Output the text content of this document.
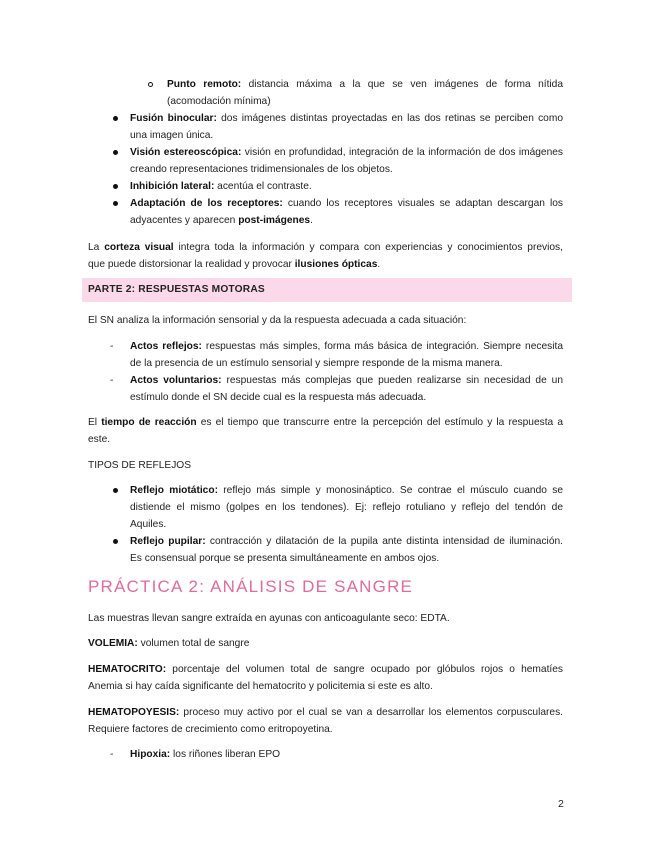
Punto remoto: distancia máxima a la que se ven imágenes de forma nítida

(acomodación mínima)

Fusión binocular: dos imágenes distintas proyectadas en las dos retinas se perciben como

una imagen única.

Visión estereoscópica: visión en profundidad, integración de la información de dos imágenes

creando representaciones tridimensionales de los objetos.

Inhibición lateral: acentúa el contraste.

Adaptación de los receptores: cuando los receptores visuales se adaptan descargan los

adyacentes y aparecen post-imágenes.

La corteza visual integra toda la información y compara con experiencias y conocimientos previos,

que puede distorsionar la realidad y provocar ilusiones ópticas.

PARTE 2: RESPUESTAS MOTORAS

El SN analiza la información sensorial y da la respuesta adecuada a cada situación:

- Actos reflejos: respuestas más simples, forma más básica de integración. Siempre necesita

de la presencia de un estímulo sensorial y siempre responde de la misma manera.

- Actos voluntarios: respuestas más complejas que pueden realizarse sin necesidad de un

estímulo donde el SN decide cual es la respuesta más adecuada.

El tiempo de reacción es el tiempo que transcurre entre la percepción del estímulo y la respuesta a

este.

TIPOS DE REFLEJOS

Reflejo miotático: reflejo más simple y monosináptico. Se contrae el músculo cuando se

distiende el mismo (golpes en los tendones). Ej: reflejo rotuliano y reflejo del tendón de

Aquiles.

Reflejo pupilar: contracción y dilatación de la pupila ante distinta intensidad de iluminación.

Es consensual porque se presenta simultáneamente en ambos ojos.

PRÁCTICA 2: ANÁLISIS DE SANGRE

Las muestras llevan sangre extraída en ayunas con anticoagulante seco: EDTA.

VOLEMIA: volumen total de sangre

HEMATOCRITO: porcentaje del volumen total de sangre ocupado por glóbulos rojos o hematíes

Anemia si hay caída significante del hematocrito y policitemia si este es alto.

HEMATOPOYESIS: proceso muy activo por el cual se van a desarrollar los elementos corpusculares.

Requiere factores de crecimiento como eritropoyetina.

- Hipoxia: los riñones liberan EPO

2
